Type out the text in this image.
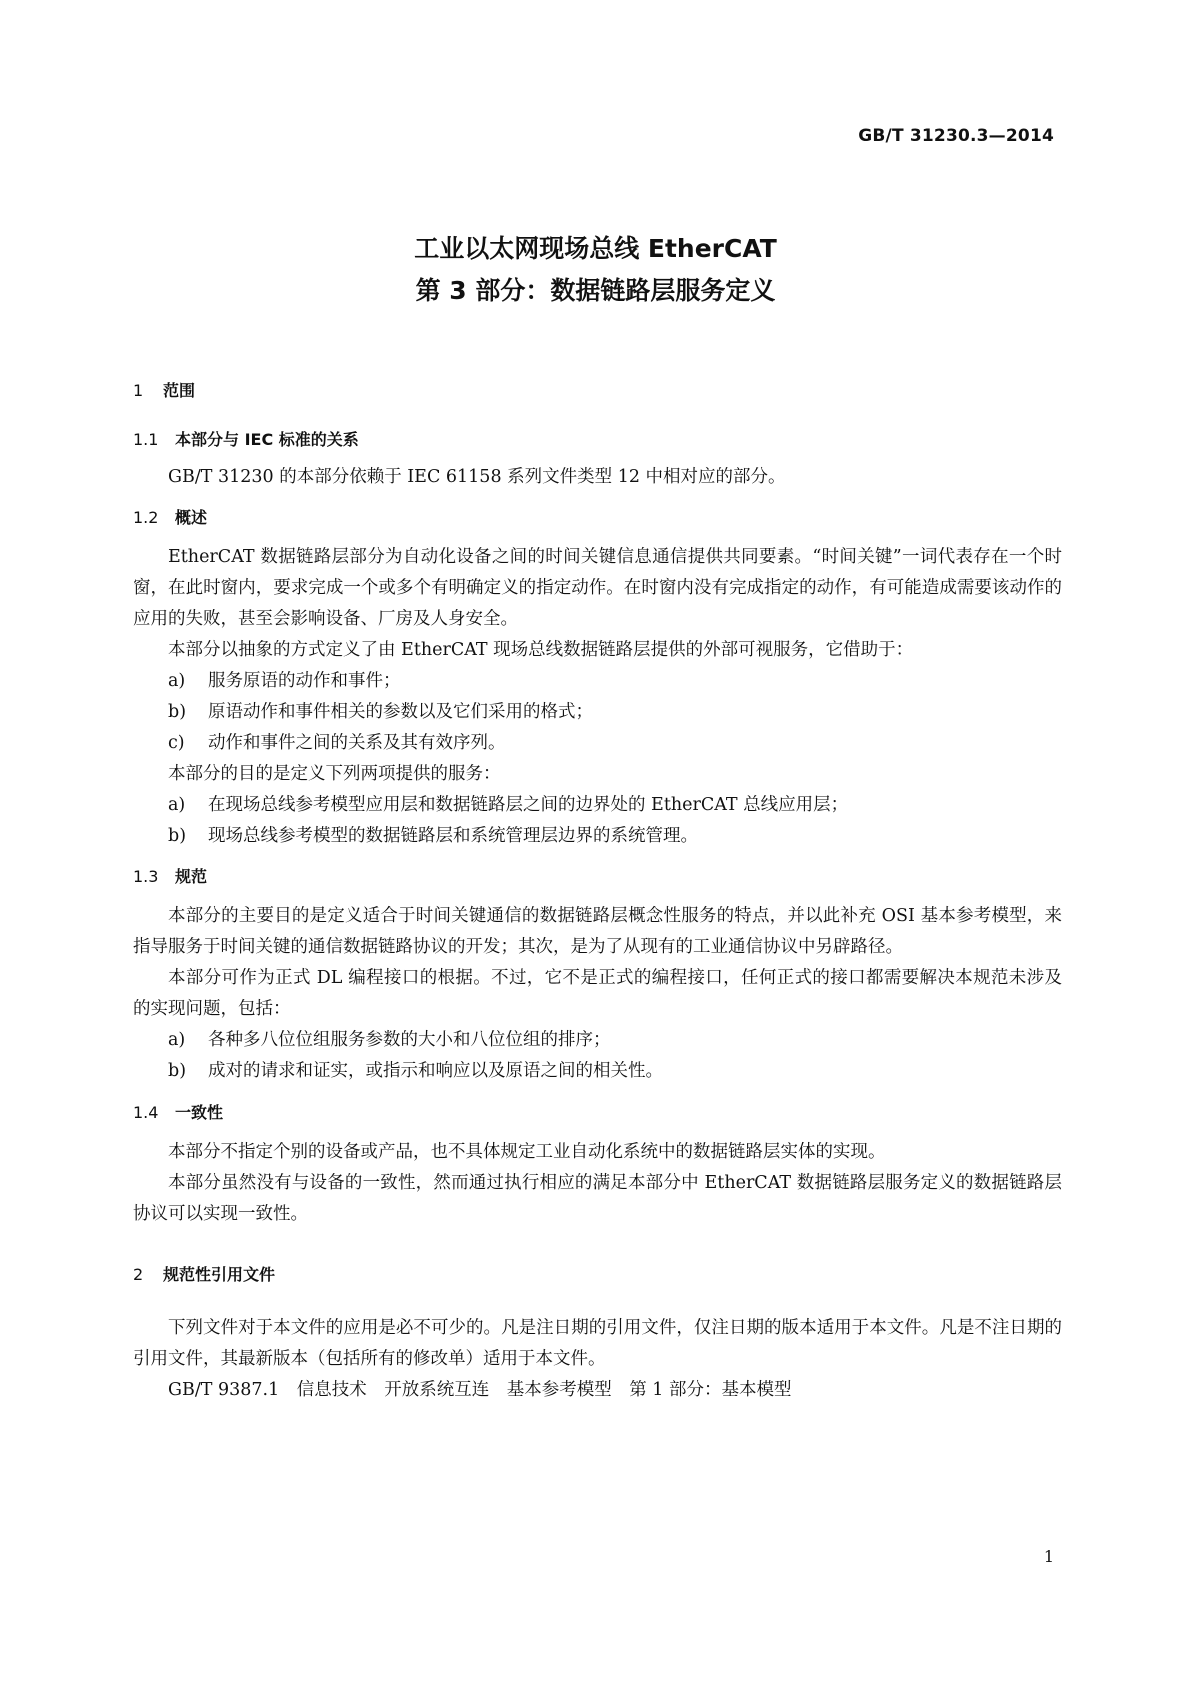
GB/T 31230.3—2014
工业以太网现场总线 EtherCAT
第 3 部分：数据链路层服务定义
1 范围
1.1 本部分与 IEC 标准的关系

GB/T 31230 的本部分依赖于 IEC 61158 系列文件类型 12 中相对应的部分。

1.2 概述

EtherCAT 数据链路层部分为自动化设备之间的时间关键信息通信提供共同要素。“时间关键”一词代表存在一个时窗，在此时窗内，要求完成一个或多个有明确定义的指定动作。在时窗内没有完成指定的动作，有可能造成需要该动作的应用的失败，甚至会影响设备、厂房及人身安全。

本部分以抽象的方式定义了由 EtherCAT 现场总线数据链路层提供的外部可视服务，它借助于：

a) 服务原语的动作和事件；

b) 原语动作和事件相关的参数以及它们采用的格式；

c) 动作和事件之间的关系及其有效序列。

本部分的目的是定义下列两项提供的服务：

a) 在现场总线参考模型应用层和数据链路层之间的边界处的 EtherCAT 总线应用层；

b) 现场总线参考模型的数据链路层和系统管理层边界的系统管理。

1.3 规范

本部分的主要目的是定义适合于时间关键通信的数据链路层概念性服务的特点，并以此补充 OSI 基本参考模型，来指导服务于时间关键的通信数据链路协议的开发；其次，是为了从现有的工业通信协议中另辟路径。

本部分可作为正式 DL 编程接口的根据。不过，它不是正式的编程接口，任何正式的接口都需要解决本规范未涉及的实现问题，包括：

a) 各种多八位位组服务参数的大小和八位位组的排序；

b) 成对的请求和证实，或指示和响应以及原语之间的相关性。

1.4 一致性

本部分不指定个别的设备或产品，也不具体规定工业自动化系统中的数据链路层实体的实现。

本部分虽然没有与设备的一致性，然而通过执行相应的满足本部分中 EtherCAT 数据链路层服务定义的数据链路层协议可以实现一致性。

2 规范性引用文件

下列文件对于本文件的应用是必不可少的。凡是注日期的引用文件，仅注日期的版本适用于本文件。凡是不注日期的引用文件，其最新版本（包括所有的修改单）适用于本文件。

GB/T 9387.1　信息技术　开放系统互连　基本参考模型　第 1 部分：基本模型

1
